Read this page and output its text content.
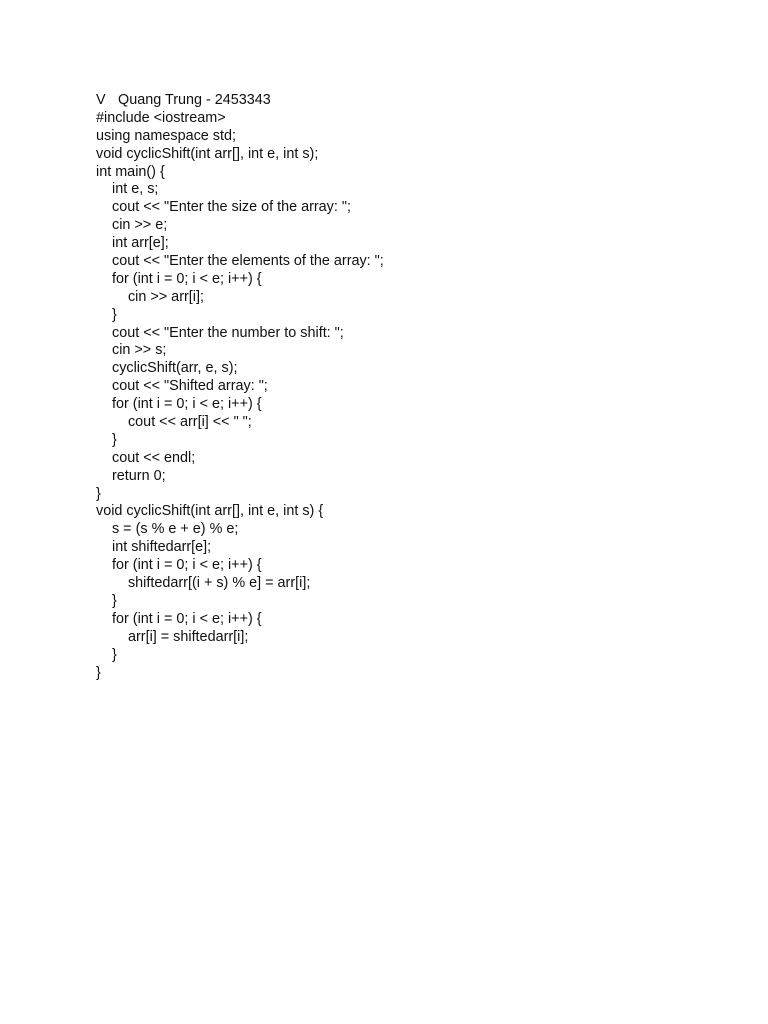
V Quang Trung - 2453343
#include <iostream>
using namespace std;
void cyclicShift(int arr[], int e, int s);
int main() {
int e, s;
cout << "Enter the size of the array: ";
cin >> e;
int arr[e];
cout << "Enter the elements of the array: ";
for (int i = 0; i < e; i++) {
cin >> arr[i];
}
cout << "Enter the number to shift: ";
cin >> s;
cyclicShift(arr, e, s);
cout << "Shifted array: ";
for (int i = 0; i < e; i++) {
cout << arr[i] << " ";
}
cout << endl;
return 0;
}
void cyclicShift(int arr[], int e, int s) {
s = (s % e + e) % e;
int shiftedarr[e];
for (int i = 0; i < e; i++) {
shiftedarr[(i + s) % e] = arr[i];
}
for (int i = 0; i < e; i++) {
arr[i] = shiftedarr[i];
}
}
